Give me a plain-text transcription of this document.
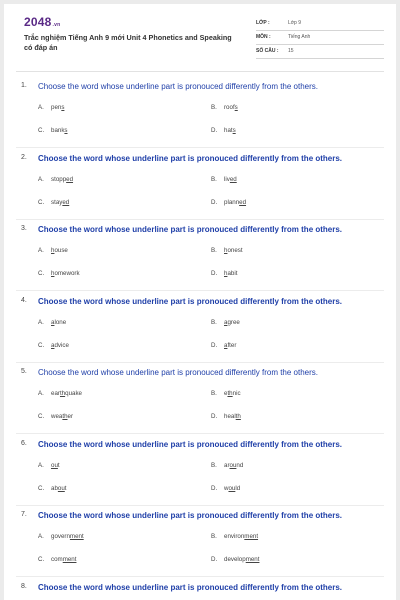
2048.vn
Trắc nghiệm Tiếng Anh 9 mới Unit 4 Phonetics and Speaking có đáp án
LỚP :	Lớp 9
MÔN :	Tiếng Anh
SỐ CÂU : 15
1. Choose the word whose underline part is pronouced differently from the others.
A. pens	B. roofs
C. banks	D. hats
2. Choose the word whose underline part is pronouced differently from the others.
A. stopped	B. lived
C. stayed	D. planned
3. Choose the word whose underline part is pronouced differently from the others.
A. house	B. honest
C. homework	D. habit
4. Choose the word whose underline part is pronouced differently from the others.
A. alone	B. agree
C. advice	D. after
5. Choose the word whose underline part is pronouced differently from the others.
A. earthquake	B. ethnic
C. weather	D. health
6. Choose the word whose underline part is pronouced differently from the others.
A. out	B. around
C. about	D. would
7. Choose the word whose underline part is pronouced differently from the others.
A. government	B. environment
C. comment	D. development
8. Choose the word whose underline part is pronouced differently from the others.
